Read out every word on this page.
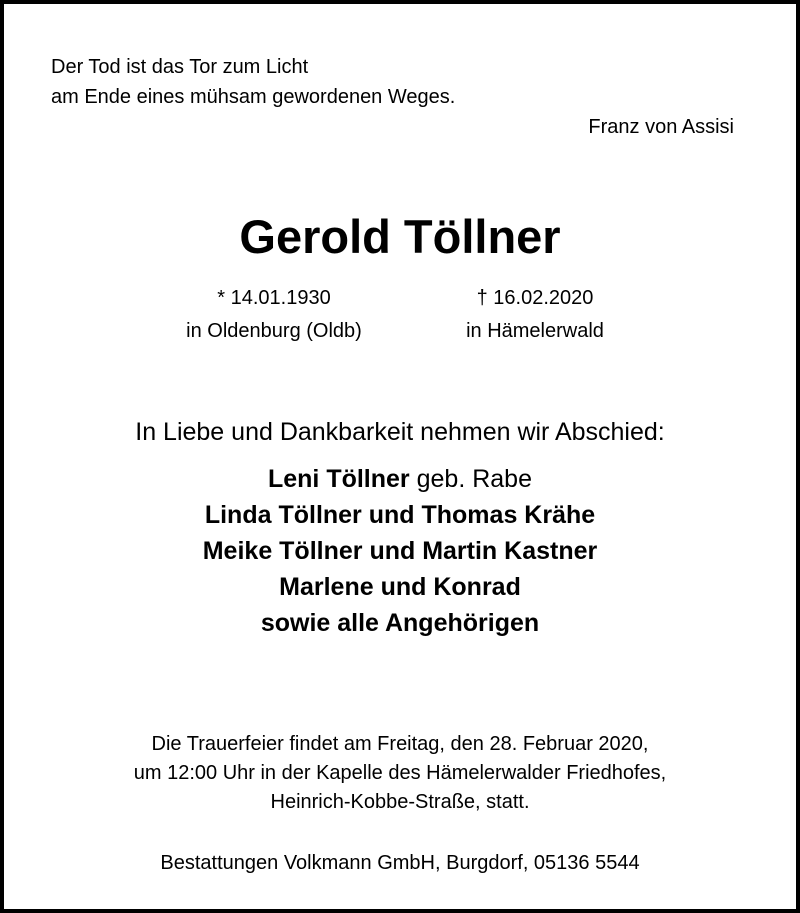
Der Tod ist das Tor zum Licht
am Ende eines mühsam gewordenen Weges.
Franz von Assisi
Gerold Töllner
* 14.01.1930
in Oldenburg (Oldb)
† 16.02.2020
in Hämelerwald
In Liebe und Dankbarkeit nehmen wir Abschied:
Leni Töllner geb. Rabe
Linda Töllner und Thomas Krähe
Meike Töllner und Martin Kastner
Marlene und Konrad
sowie alle Angehörigen
Die Trauerfeier findet am Freitag, den 28. Februar 2020,
um 12:00 Uhr in der Kapelle des Hämelerwalder Friedhofes,
Heinrich-Kobbe-Straße, statt.
Bestattungen Volkmann GmbH, Burgdorf, 05136 5544
